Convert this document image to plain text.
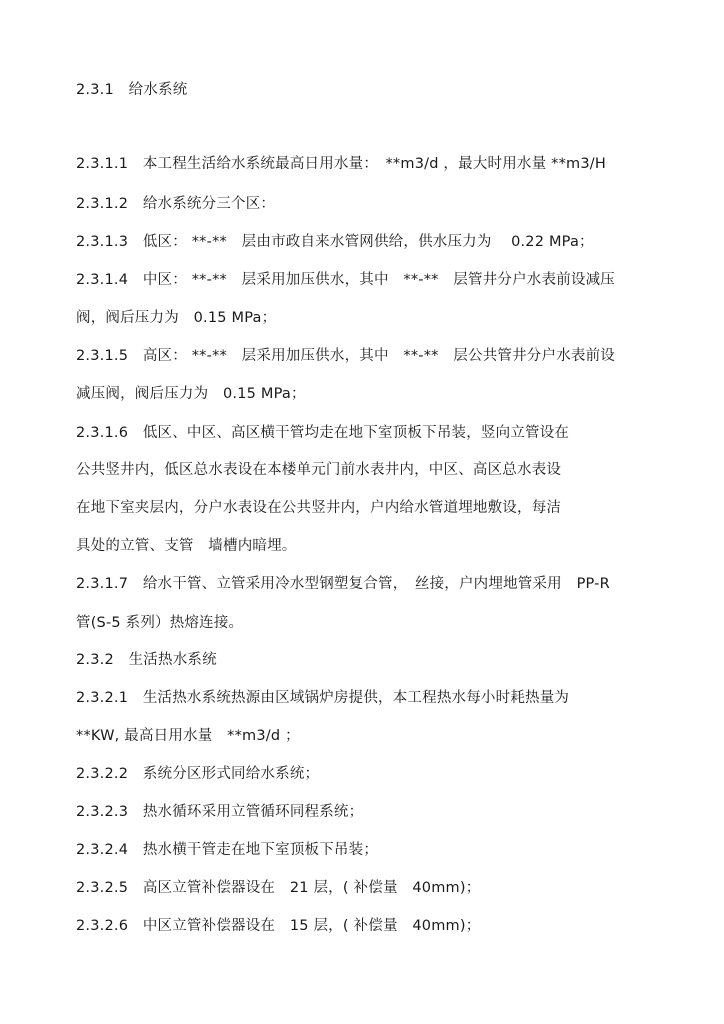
2.3.1　给水系统
2.3.1.1　本工程生活给水系统最高日用水量：　**m3/d ，最大时用水量 **m3/H
2.3.1.2　给水系统分三个区：
2.3.1.3　低区： **-**　层由市政自来水管网供给，供水压力为　 0.22 MPa；
2.3.1.4　中区： **-**　层采用加压供水，其中　**-**　层管井分户水表前设减压
阀，阀后压力为　0.15 MPa；
2.3.1.5　高区： **-**　层采用加压供水，其中　**-**　层公共管井分户水表前设
减压阀，阀后压力为　0.15 MPa；
2.3.1.6　低区、中区、高区横干管均走在地下室顶板下吊装，竖向立管设在
公共竖井内，低区总水表设在本楼单元门前水表井内，中区、高区总水表设
在地下室夹层内，分户水表设在公共竖井内，户内给水管道埋地敷设，每洁
具处的立管、支管　墙槽内暗埋。
2.3.1.7　给水干管、立管采用冷水型钢塑复合管，　丝接，户内埋地管采用　PP-R
管(S-5 系列）热熔连接。
2.3.2　生活热水系统
2.3.2.1　生活热水系统热源由区域锅炉房提供，本工程热水每小时耗热量为
**KW, 最高日用水量　**m3/d ；
2.3.2.2　系统分区形式同给水系统；
2.3.2.3　热水循环采用立管循环同程系统；
2.3.2.4　热水横干管走在地下室顶板下吊装；
2.3.2.5　高区立管补偿器设在　21 层，( 补偿量　40mm)；
2.3.2.6　中区立管补偿器设在　15 层，( 补偿量　40mm)；
